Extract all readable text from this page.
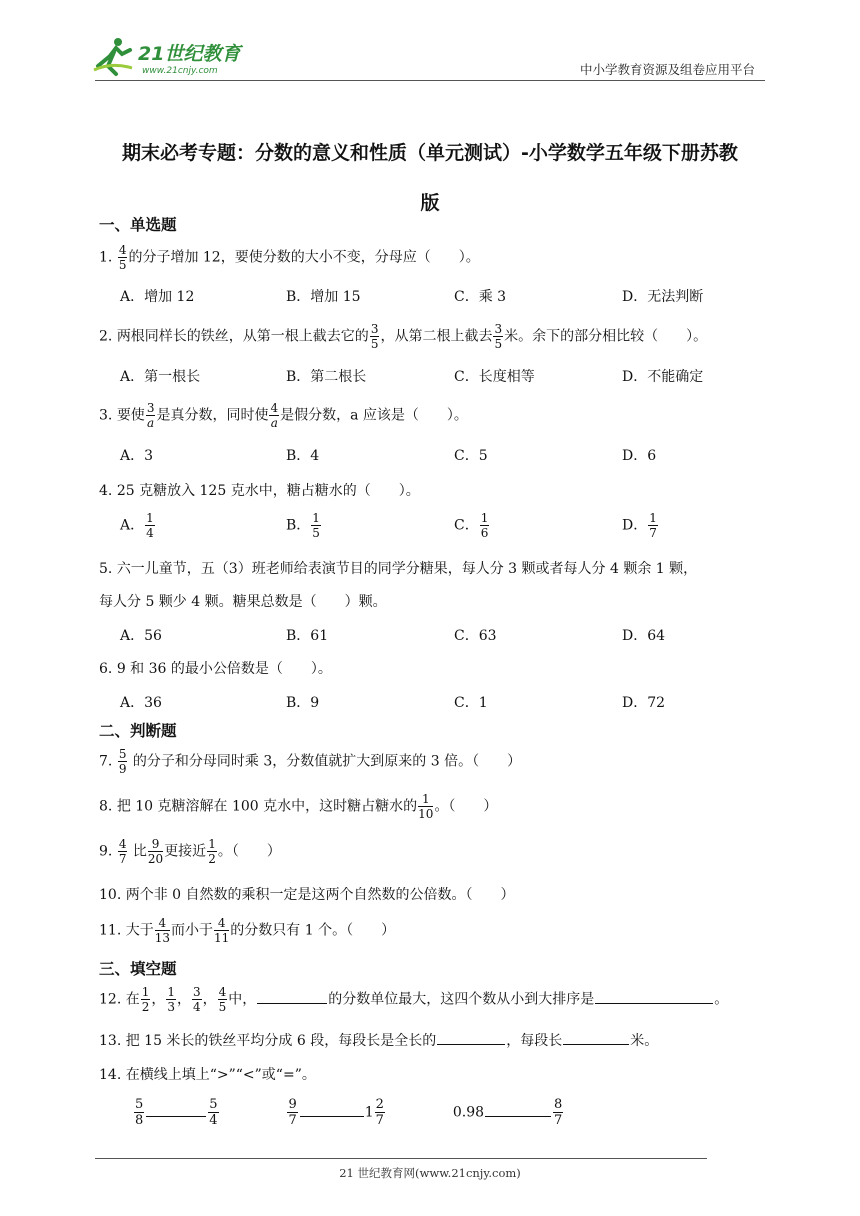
21世纪教育
www.21cnjy.com	中小学教育资源及组卷应用平台
期末必考专题：分数的意义和性质（单元测试）-小学数学五年级下册苏教
版
一、单选题
1. $\frac{4}{5}$ 的分子增加 12，要使分数的大小不变，分母应（　　）。
A．增加 12	B．增加 15	C．乘 3	D．无法判断
2. 两根同样长的铁丝，从第一根上截去它的 $\frac{3}{5}$ ，从第二根上截去 $\frac{3}{5}$ 米。余下的部分相比较（　　）。
A．第一根长	B．第二根长	C．长度相等	D．不能确定
3. 要使 $\frac{3}{a}$ 是真分数，同时使 $\frac{4}{a}$ 是假分数，a 应该是（　　）。
A．3	B．4	C．5	D．6
4. 25 克糖放入 125 克水中，糖占糖水的（　　）。
A． $\frac{1}{4}$	B． $\frac{1}{5}$	C． $\frac{1}{6}$	D． $\frac{1}{7}$
5. 六一儿童节，五（3）班老师给表演节目的同学分糖果，每人分 3 颗或者每人分 4 颗余 1 颗，
每人分 5 颗少 4 颗。糖果总数是（　　）颗。
A．56	B．61	C．63	D．64
6. 9 和 36 的最小公倍数是（　　）。
A．36	B．9	C．1	D．72
二、判断题
7. $\frac{5}{9}$ 的分子和分母同时乘 3，分数值就扩大到原来的 3 倍。（　　）
8. 把 10 克糖溶解在 100 克水中，这时糖占糖水的 $\frac{1}{10}$ 。（　　）
9. $\frac{4}{7}$ 比 $\frac{9}{20}$ 更接近 $\frac{1}{2}$ 。（　　）
10. 两个非 0 自然数的乘积一定是这两个自然数的公倍数。（　　）
11. 大于 $\frac{4}{13}$ 而小于 $\frac{4}{11}$ 的分数只有 1 个。（　　）
三、填空题
12. 在 $\frac{1}{2}$ ， $\frac{1}{3}$ ， $\frac{3}{4}$ ， $\frac{4}{5}$ 中，	的分数单位最大，这四个数从小到大排序是	。
13. 把 15 米长的铁丝平均分成 6 段，每段长是全长的	，每段长	米。
14. 在横线上填上“>”“<”或“=”。
$\frac{5}{8}$	$\frac{5}{4}$
	$\frac{9}{7}$	$1 \frac{2}{7}$	0.98	$\frac{8}{7}$
21 世纪教育网(www.21cnjy.com)
